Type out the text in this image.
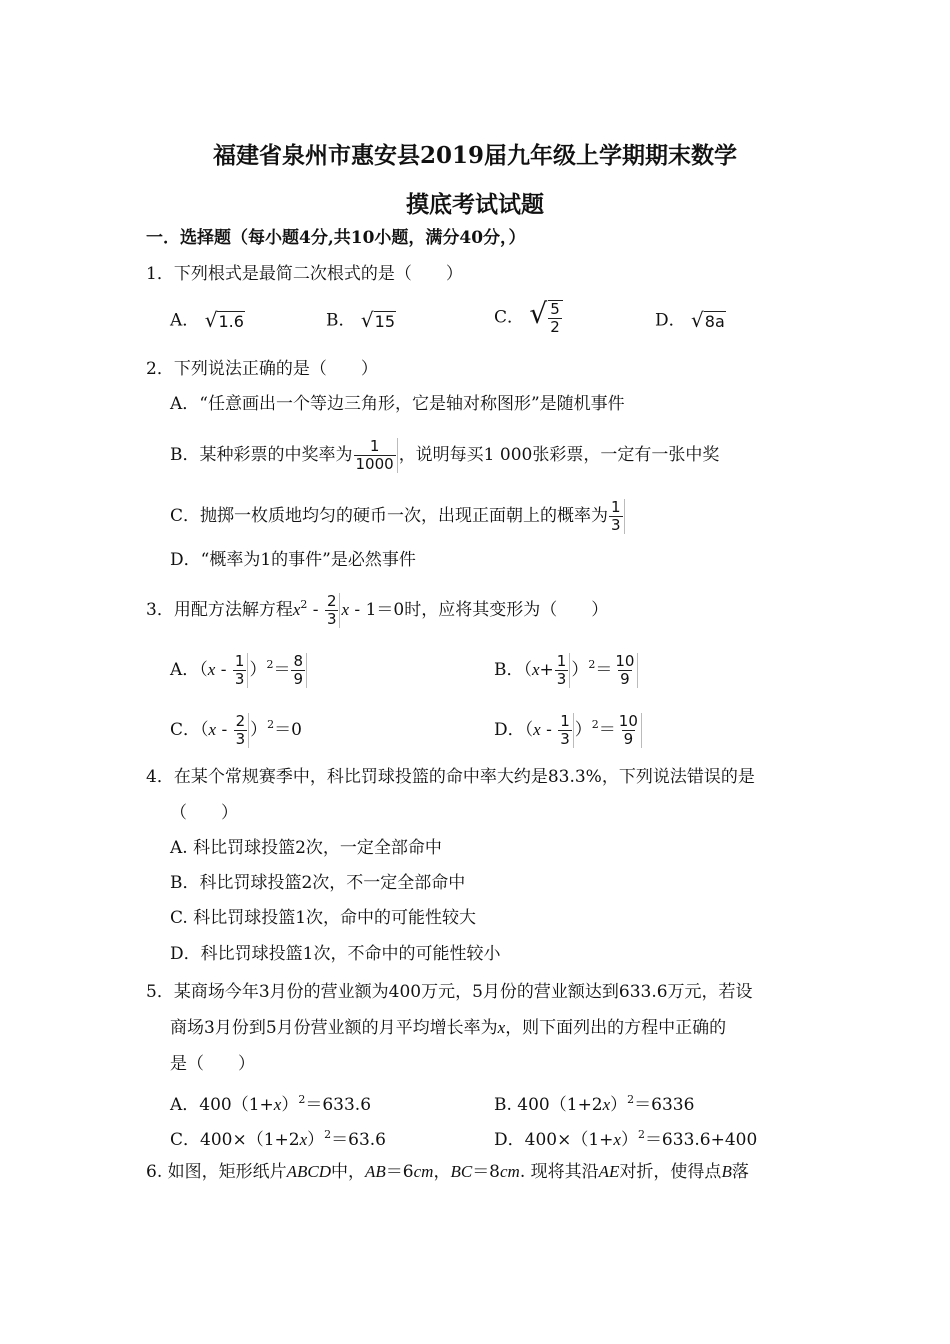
福建省泉州市惠安县2019届九年级上学期期末数学
摸底考试试题
一．选择题（每小题4分,共10小题，满分40分，）
1．下列根式是最简二次根式的是（　　）
A． √1.6	B． √15	C． √ $\frac{5}{2}$	D． √8a
2．下列说法正确的是（　　）
A．“任意画出一个等边三角形，它是轴对称图形”是随机事件
B．某种彩票的中奖率为 $\frac{1}{1000}$ ，说明每买1 000张彩票，一定有一张中奖
C．抛掷一枚质地均匀的硬币一次，出现正面朝上的概率为 $\frac{1}{3}$
D．“概率为1的事件”是必然事件
3．用配方法解方程$x^2 - \frac{2}{3}$ x - 1＝0时，应将其变形为（　　）
A．$(x - \frac{1}{3} )^2= \frac{8}{9}$	B．$(x+ \frac{1}{3} )^2= \frac{10}{9}$
C．$(x - \frac{2}{3} )^2=0$	D．$(x - \frac{1}{3} )^2= \frac{10}{9}$
4．在某个常规赛季中，科比罚球投篮的命中率大约是83.3%，下列说法错误的是
（　　）
A. 科比罚球投篮2次，一定全部命中
B．科比罚球投篮2次，不一定全部命中
C. 科比罚球投篮1次，命中的可能性较大
D．科比罚球投篮1次，不命中的可能性较小
5．某商场今年3月份的营业额为400万元，5月份的营业额达到633.6万元，若设
商场3月份到5月份营业额的月平均增长率为x，则下面列出的方程中正确的
是（　　）
A．$400(1+x)^2=633.6$	B. $400(1+2x)^2=6336$
C．$400\times(1+2x)^2=63.6$	D．$400\times(1+x)^2=633.6+400$
6. 如图，矩形纸片ABCD中，AB＝6cm，BC＝8cm. 现将其沿AE对折，使得点B落
